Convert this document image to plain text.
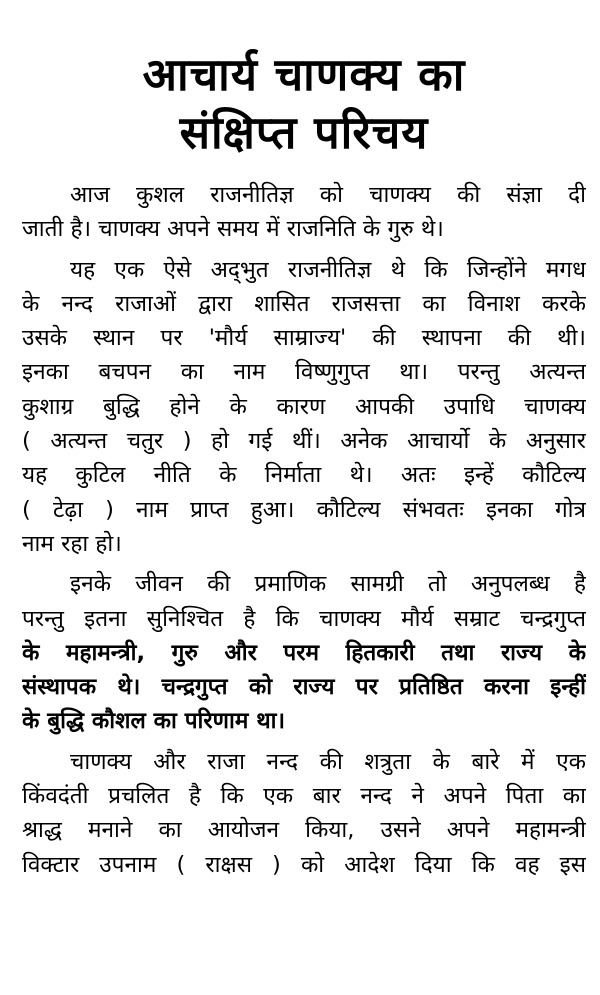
आचार्य चाणक्य का
संक्षिप्त परिचय
आज कुशल राजनीतिज्ञ को चाणक्य की संज्ञा दी
जाती है। चाणक्य अपने समय में राजनिति के गुरु थे।
यह एक ऐसे अद्‌भुत राजनीतिज्ञ थे कि जिन्होंने मगध
के नन्द राजाओं द्वारा शासित राजसत्ता का विनाश करके
उसके स्थान पर 'मौर्य साम्राज्य' की स्थापना की थी।
इनका बचपन का नाम विष्णुगुप्त था। परन्तु अत्यन्त
कुशाग्र बुद्धि होने के कारण आपकी उपाधि चाणक्य
( अत्यन्त चतुर ) हो गई थीं। अनेक आचार्यो के अनुसार
यह कुटिल नीति के निर्माता थे। अतः इन्हें कौटिल्य
( टेढ़ा ) नाम प्राप्त हुआ। कौटिल्य संभवतः इनका गोत्र
नाम रहा हो।
इनके जीवन की प्रमाणिक सामग्री तो अनुपलब्ध है
परन्तु इतना सुनिश्चित है कि चाणक्य मौर्य सम्राट चन्द्रगुप्त
के महामन्त्री, गुरु और परम हितकारी तथा राज्य के
संस्थापक थे। चन्द्रगुप्त को राज्य पर प्रतिष्ठित करना इन्हीं
के बुद्धि कौशल का परिणाम था।
चाणक्य और राजा नन्द की शत्रुता के बारे में एक
किंवदंती प्रचलित है कि एक बार नन्द ने अपने पिता का
श्राद्ध मनाने का आयोजन किया, उसने अपने महामन्त्री
विक्टार उपनाम ( राक्षस ) को आदेश दिया कि वह इस
